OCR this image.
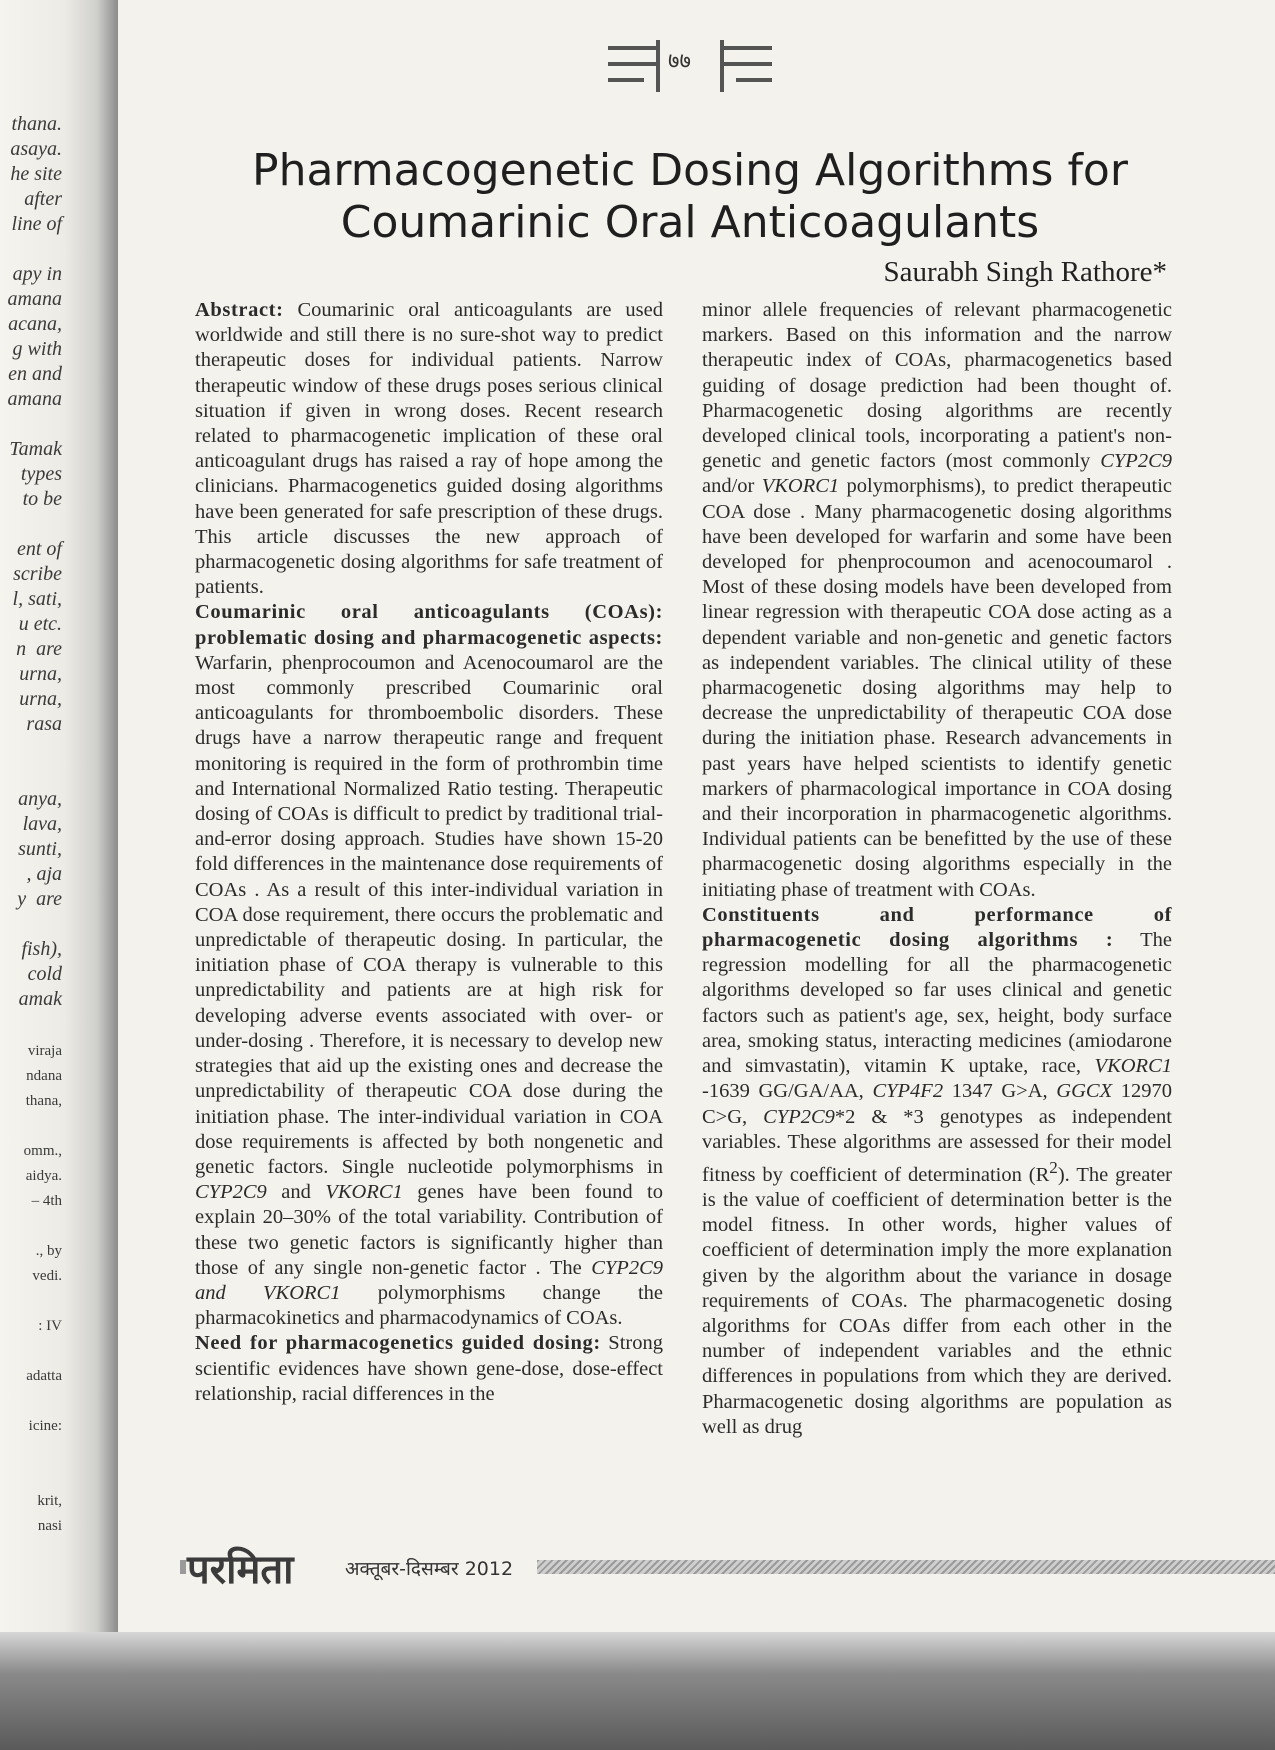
thana.
asaya.
he site
after
line of

apy in
amana
acana,
g with
en and
amana

Tamak
types
to be

ent of
scribe
l, sati,
u etc.
n  are
urna,
urna,
rasa

anya,
lava,
sunti,
, aja
y  are

fish),
cold
amak

viraja
ndana
thana,

omm.,
aidya.
– 4th

., by
vedi.

: IV

adatta

icine:

krit,
nasi
७७
Pharmacogenetic Dosing Algorithms for
Coumarinic Oral Anticoagulants
Saurabh Singh Rathore*

Abstract: Coumarinic oral anticoagulants are used worldwide and still there is no sure-shot way to predict therapeutic doses for individual patients. Narrow therapeutic window of these drugs poses serious clinical situation if given in wrong doses. Recent research related to pharmacogenetic implication of these oral anticoagulant drugs has raised a ray of hope among the clinicians. Pharmacogenetics guided dosing algorithms have been generated for safe prescription of these drugs. This article discusses the new approach of pharmacogenetic dosing algorithms for safe treatment of patients.

Coumarinic oral anticoagulants (COAs): problematic dosing and pharmacogenetic aspects: Warfarin, phenprocoumon and Acenocoumarol are the most commonly prescribed Coumarinic oral anticoagulants for thromboembolic disorders. These drugs have a narrow therapeutic range and frequent monitoring is required in the form of prothrombin time and International Normalized Ratio testing. Therapeutic dosing of COAs is difficult to predict by traditional trial-and-error dosing approach. Studies have shown 15-20 fold differences in the maintenance dose requirements of COAs . As a result of this inter-individual variation in COA dose requirement, there occurs the problematic and unpredictable of therapeutic dosing. In particular, the initiation phase of COA therapy is vulnerable to this unpredictability and patients are at high risk for developing adverse events associated with over- or under-dosing . Therefore, it is necessary to develop new strategies that aid up the existing ones and decrease the unpredictability of therapeutic COA dose during the initiation phase. The inter-individual variation in COA dose requirements is affected by both nongenetic and genetic factors. Single nucleotide polymorphisms in CYP2C9 and VKORC1 genes have been found to explain 20–30% of the total variability. Contribution of these two genetic factors is significantly higher than those of any single non-genetic factor . The CYP2C9 and VKORC1 polymorphisms change the pharmacokinetics and pharmacodynamics of COAs.

Need for pharmacogenetics guided dosing: Strong scientific evidences have shown gene-dose, dose-effect relationship, racial differences in the

minor allele frequencies of relevant pharmacogenetic markers. Based on this information and the narrow therapeutic index of COAs, pharmacogenetics based guiding of dosage prediction had been thought of. Pharmacogenetic dosing algorithms are recently developed clinical tools, incorporating a patient's non-genetic and genetic factors (most commonly CYP2C9 and/or VKORC1 polymorphisms), to predict therapeutic COA dose . Many pharmacogenetic dosing algorithms have been developed for warfarin and some have been developed for phenprocoumon and acenocoumarol . Most of these dosing models have been developed from linear regression with therapeutic COA dose acting as a dependent variable and non-genetic and genetic factors as independent variables. The clinical utility of these pharmacogenetic dosing algorithms may help to decrease the unpredictability of therapeutic COA dose during the initiation phase. Research advancements in past years have helped scientists to identify genetic markers of pharmacological importance in COA dosing and their incorporation in pharmacogenetic algorithms. Individual patients can be benefitted by the use of these pharmacogenetic dosing algorithms especially in the initiating phase of treatment with COAs.

Constituents and performance of pharmacogenetic dosing algorithms : The regression modelling for all the pharmacogenetic algorithms developed so far uses clinical and genetic factors such as patient's age, sex, height, body surface area, smoking status, interacting medicines (amiodarone and simvastatin), vitamin K uptake, race, VKORC1 -1639 GG/GA/AA, CYP4F2 1347 G>A, GGCX 12970 C>G, CYP2C9*2 & *3 genotypes as independent variables. These algorithms are assessed for their model fitness by coefficient of determination $(R^2)$. The greater is the value of coefficient of determination better is the model fitness. In other words, higher values of coefficient of determination imply the more explanation given by the algorithm about the variance in dosage requirements of COAs. The pharmacogenetic dosing algorithms for COAs differ from each other in the number of independent variables and the ethnic differences in populations from which they are derived. Pharmacogenetic dosing algorithms are population as well as drug

परमिता	अक्तूबर-दिसम्बर 2012
